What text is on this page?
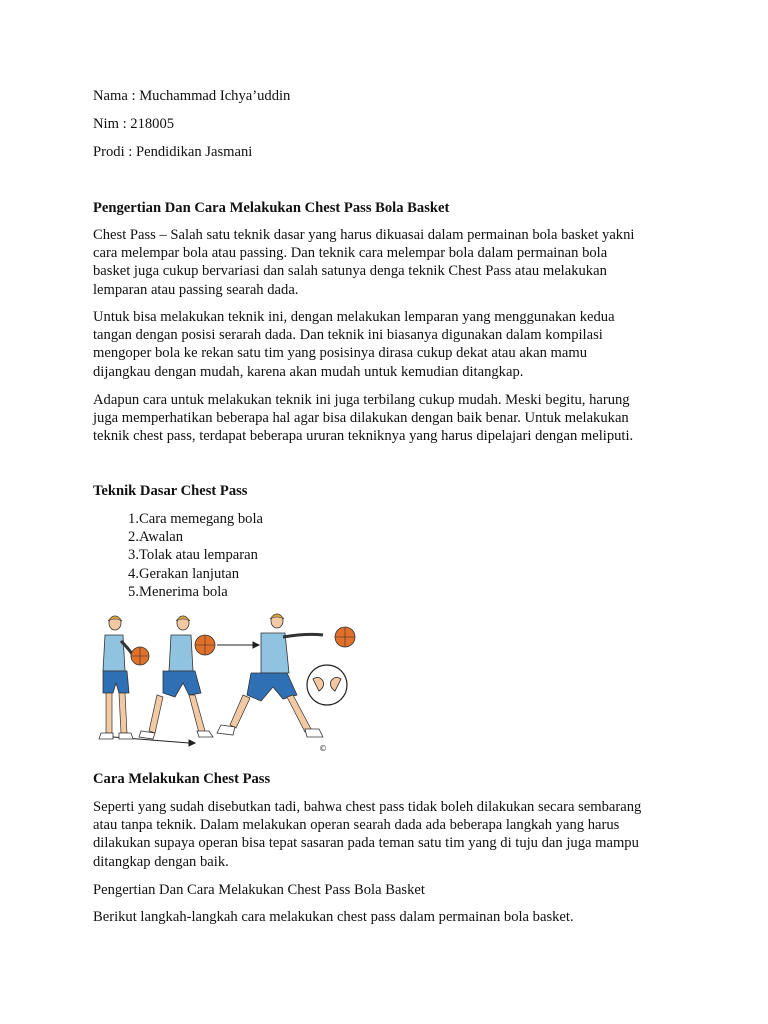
Nama : Muchammad Ichya’uddin
Nim : 218005
Prodi : Pendidikan Jasmani
Pengertian Dan Cara Melakukan Chest Pass Bola Basket
Chest Pass – Salah satu teknik dasar yang harus dikuasai dalam permainan bola basket yakni
cara melempar bola atau passing. Dan teknik cara melempar bola dalam permainan bola
basket juga cukup bervariasi dan salah satunya denga teknik Chest Pass atau melakukan
lemparan atau passing searah dada.
Untuk bisa melakukan teknik ini, dengan melakukan lemparan yang menggunakan kedua
tangan dengan posisi serarah dada. Dan teknik ini biasanya digunakan dalam kompilasi
mengoper bola ke rekan satu tim yang posisinya dirasa cukup dekat atau akan mamu
dijangkau dengan mudah, karena akan mudah untuk kemudian ditangkap.
Adapun cara untuk melakukan teknik ini juga terbilang cukup mudah. Meski begitu, harung
juga memperhatikan beberapa hal agar bisa dilakukan dengan baik benar. Untuk melakukan
teknik chest pass, terdapat beberapa ururan tekniknya yang harus dipelajari dengan meliputi.
Teknik Dasar Chest Pass
1.Cara memegang bola
2.Awalan
3.Tolak atau lemparan
4.Gerakan lanjutan
5.Menerima bola
Cara Melakukan Chest Pass
Seperti yang sudah disebutkan tadi, bahwa chest pass tidak boleh dilakukan secara sembarang
atau tanpa teknik. Dalam melakukan operan searah dada ada beberapa langkah yang harus
dilakukan supaya operan bisa tepat sasaran pada teman satu tim yang di tuju dan juga mampu
ditangkap dengan baik.
Pengertian Dan Cara Melakukan Chest Pass Bola Basket
Berikut langkah-langkah cara melakukan chest pass dalam permainan bola basket.
©
